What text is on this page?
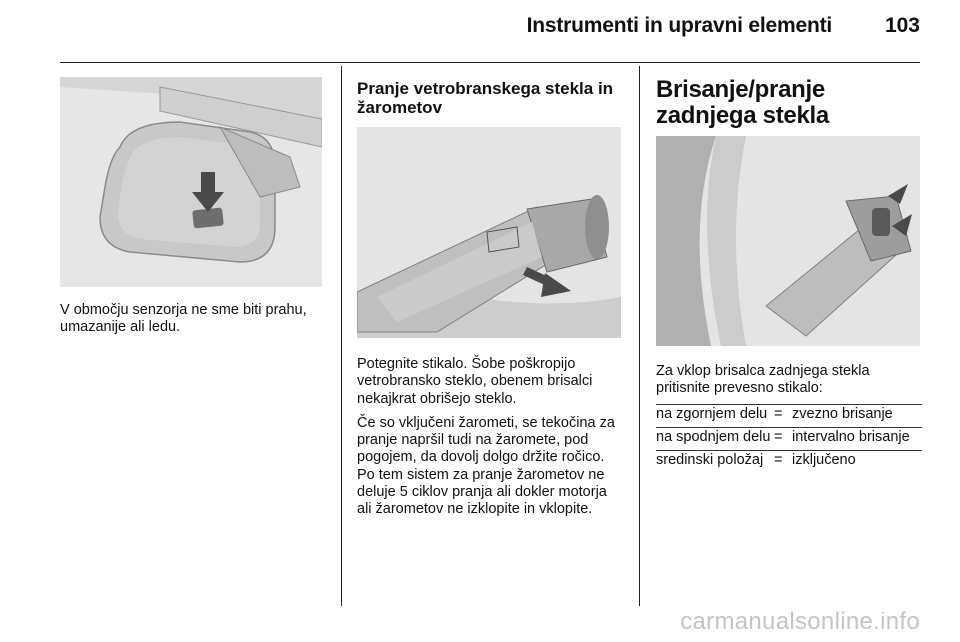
Instrumenti in upravni elementi	103
V območju senzorja ne sme biti prahu, umazanije ali ledu.
Pranje vetrobranskega stekla in žarometov

Potegnite stikalo. Šobe poškropijo vetrobransko steklo, obenem brisalci nekajkrat obrišejo steklo.

Če so vključeni žarometi, se tekočina za pranje napršil tudi na žaromete, pod pogojem, da dovolj dolgo držite ročico. Po tem sistem za pranje žarometov ne deluje 5 ciklov pranja ali dokler motorja ali žarometov ne izklopite in vklopite.

Brisanje/pranje zadnjega stekla
Za vklop brisalca zadnjega stekla pritisnite prevesno stikalo:
na zgornjem delu = zvezno brisanje
na spodnjem delu = intervalno brisanje
sredinski položaj = izključeno
carmanualsonline.info
